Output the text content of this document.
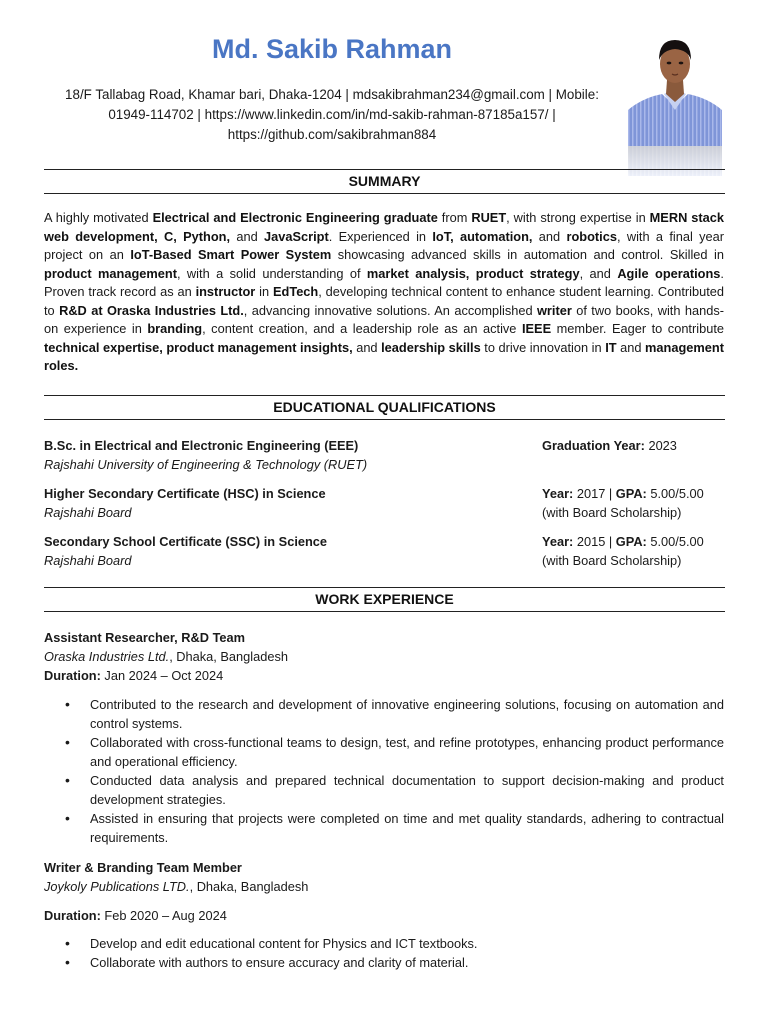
Md. Sakib Rahman
18/F Tallabag Road, Khamar bari, Dhaka-1204 | mdsakibrahman234@gmail.com | Mobile:
01949-114702 | https://www.linkedin.com/in/md-sakib-rahman-87185a157/ |
https://github.com/sakibrahman884
SUMMARY
A highly motivated Electrical and Electronic Engineering graduate from RUET, with strong expertise in MERN stack web development, C, Python, and JavaScript. Experienced in IoT, automation, and robotics, with a final year project on an IoT-Based Smart Power System showcasing advanced skills in automation and control. Skilled in product management, with a solid understanding of market analysis, product strategy, and Agile operations. Proven track record as an instructor in EdTech, developing technical content to enhance student learning. Contributed to R&D at Oraska Industries Ltd., advancing innovative solutions. An accomplished writer of two books, with hands-on experience in branding, content creation, and a leadership role as an active IEEE member. Eager to contribute technical expertise, product management insights, and leadership skills to drive innovation in IT and management roles.
EDUCATIONAL QUALIFICATIONS
B.Sc. in Electrical and Electronic Engineering (EEE)
Rajshahi University of Engineering & Technology (RUET)
Graduation Year: 2023
Higher Secondary Certificate (HSC) in Science
Rajshahi Board
Year: 2017 | GPA: 5.00/5.00
(with Board Scholarship)
Secondary School Certificate (SSC) in Science
Rajshahi Board
Year: 2015 | GPA: 5.00/5.00
(with Board Scholarship)
WORK EXPERIENCE
Assistant Researcher, R&D Team
Oraska Industries Ltd., Dhaka, Bangladesh
Duration: Jan 2024 – Oct 2024
• Contributed to the research and development of innovative engineering solutions, focusing on automation and control systems.
• Collaborated with cross-functional teams to design, test, and refine prototypes, enhancing product performance and operational efficiency.
• Conducted data analysis and prepared technical documentation to support decision-making and product development strategies.
• Assisted in ensuring that projects were completed on time and met quality standards, adhering to contractual requirements.
Writer & Branding Team Member
Joykoly Publications LTD., Dhaka, Bangladesh
Duration: Feb 2020 – Aug 2024
• Develop and edit educational content for Physics and ICT textbooks.
• Collaborate with authors to ensure accuracy and clarity of material.
